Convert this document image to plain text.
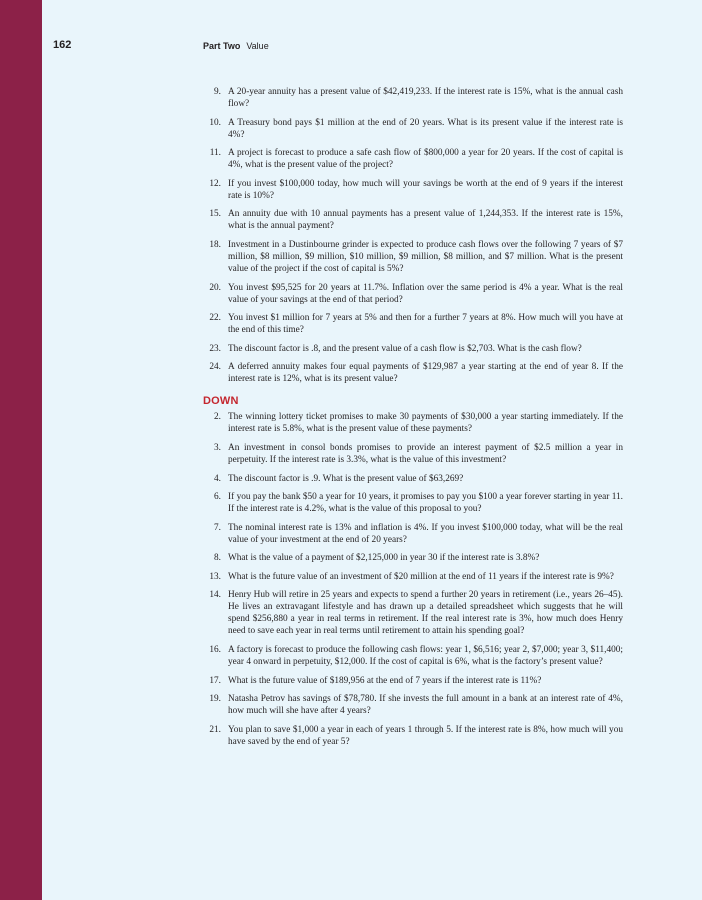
162	Part Two Value
9. A 20-year annuity has a present value of $42,419,233. If the interest rate is 15%, what is the annual cash flow?
10. A Treasury bond pays $1 million at the end of 20 years. What is its present value if the interest rate is 4%?
11. A project is forecast to produce a safe cash flow of $800,000 a year for 20 years. If the cost of capital is 4%, what is the present value of the project?
12. If you invest $100,000 today, how much will your savings be worth at the end of 9 years if the interest rate is 10%?
15. An annuity due with 10 annual payments has a present value of 1,244,353. If the interest rate is 15%, what is the annual payment?
18. Investment in a Dustinbourne grinder is expected to produce cash flows over the following 7 years of $7 million, $8 million, $9 million, $10 million, $9 million, $8 million, and $7 million. What is the present value of the project if the cost of capital is 5%?
20. You invest $95,525 for 20 years at 11.7%. Inflation over the same period is 4% a year. What is the real value of your savings at the end of that period?
22. You invest $1 million for 7 years at 5% and then for a further 7 years at 8%. How much will you have at the end of this time?
23. The discount factor is .8, and the present value of a cash flow is $2,703. What is the cash flow?
24. A deferred annuity makes four equal payments of $129,987 a year starting at the end of year 8. If the interest rate is 12%, what is its present value?
DOWN
2. The winning lottery ticket promises to make 30 payments of $30,000 a year starting immediately. If the interest rate is 5.8%, what is the present value of these payments?
3. An investment in consol bonds promises to provide an interest payment of $2.5 million a year in perpetuity. If the interest rate is 3.3%, what is the value of this investment?
4. The discount factor is .9. What is the present value of $63,269?
6. If you pay the bank $50 a year for 10 years, it promises to pay you $100 a year forever starting in year 11. If the interest rate is 4.2%, what is the value of this proposal to you?
7. The nominal interest rate is 13% and inflation is 4%. If you invest $100,000 today, what will be the real value of your investment at the end of 20 years?
8. What is the value of a payment of $2,125,000 in year 30 if the interest rate is 3.8%?
13. What is the future value of an investment of $20 million at the end of 11 years if the interest rate is 9%?
14. Henry Hub will retire in 25 years and expects to spend a further 20 years in retirement (i.e., years 26–45). He lives an extravagant lifestyle and has drawn up a detailed spreadsheet which suggests that he will spend $256,880 a year in real terms in retirement. If the real interest rate is 3%, how much does Henry need to save each year in real terms until retirement to attain his spending goal?
16. A factory is forecast to produce the following cash flows: year 1, $6,516; year 2, $7,000; year 3, $11,400; year 4 onward in perpetuity, $12,000. If the cost of capital is 6%, what is the factory’s present value?
17. What is the future value of $189,956 at the end of 7 years if the interest rate is 11%?
19. Natasha Petrov has savings of $78,780. If she invests the full amount in a bank at an interest rate of 4%, how much will she have after 4 years?
21. You plan to save $1,000 a year in each of years 1 through 5. If the interest rate is 8%, how much will you have saved by the end of year 5?
